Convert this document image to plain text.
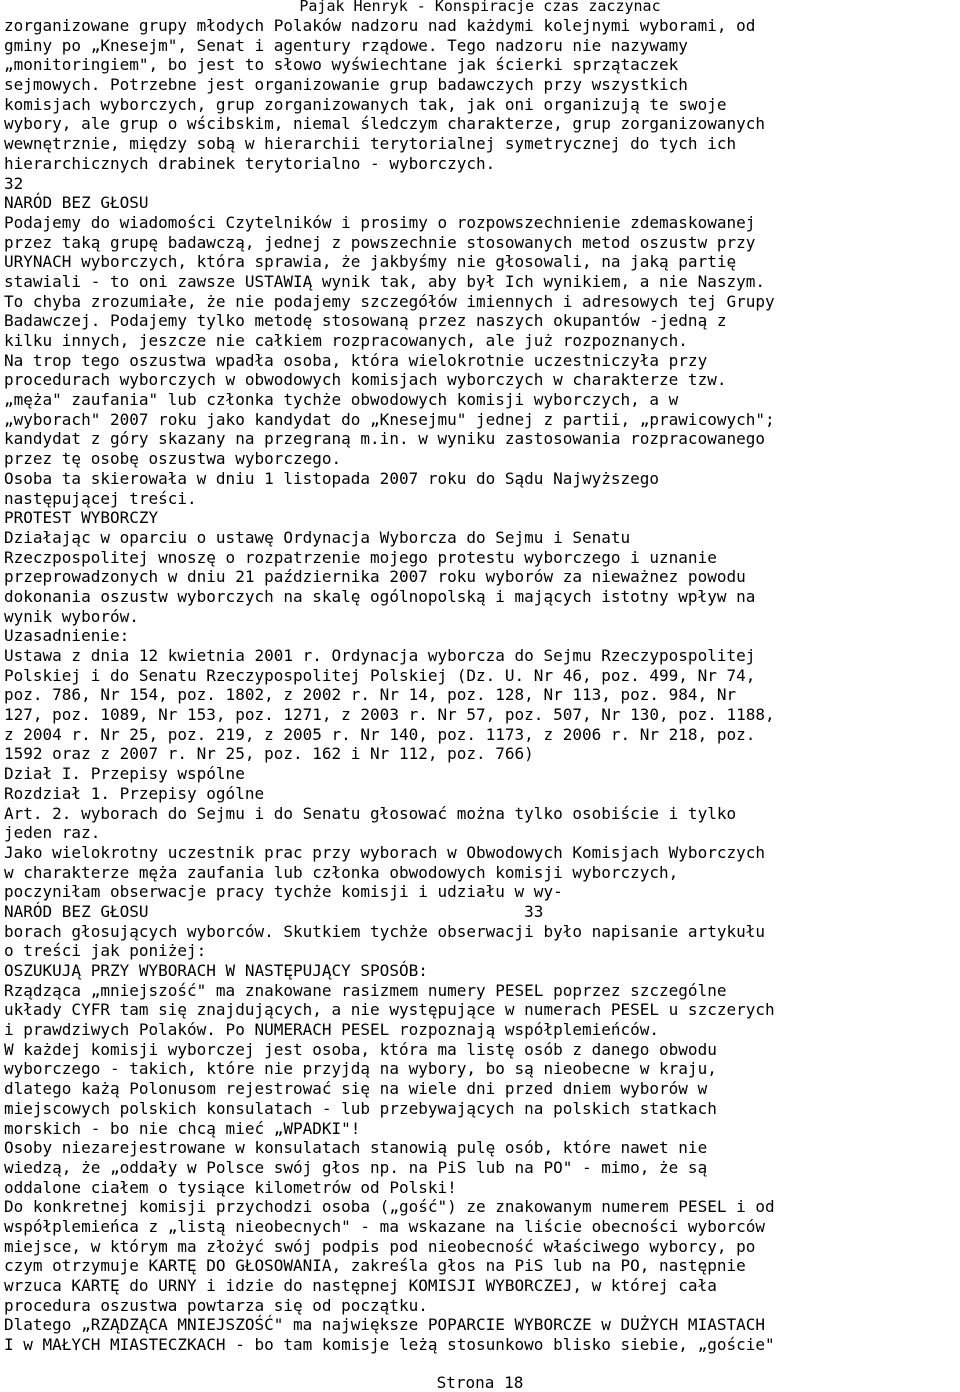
Pajak Henryk - Konspiracje czas zaczynac
zorganizowane grupy młodych Polaków nadzoru nad każdymi kolejnymi wyborami, od
gminy po „Knesejm", Senat i agentury rządowe. Tego nadzoru nie nazywamy
„monitoringiem", bo jest to słowo wyświechtane jak ścierki sprzątaczek
sejmowych. Potrzebne jest organizowanie grup badawczych przy wszystkich
komisjach wyborczych, grup zorganizowanych tak, jak oni organizują te swoje
wybory, ale grup o wścibskim, niemal śledczym charakterze, grup zorganizowanych
wewnętrznie, między sobą w hierarchii terytorialnej symetrycznej do tych ich
hierarchicznych drabinek terytorialno - wyborczych.
32
NARÓD BEZ GŁOSU
Podajemy do wiadomości Czytelników i prosimy o rozpowszechnienie zdemaskowanej
przez taką grupę badawczą, jednej z powszechnie stosowanych metod oszustw przy
URYNACH wyborczych, która sprawia, że jakbyśmy nie głosowali, na jaką partię
stawiali - to oni zawsze USTAWIĄ wynik tak, aby był Ich wynikiem, a nie Naszym.
To chyba zrozumiałe, że nie podajemy szczegółów imiennych i adresowych tej Grupy
Badawczej. Podajemy tylko metodę stosowaną przez naszych okupantów -jedną z
kilku innych, jeszcze nie całkiem rozpracowanych, ale już rozpoznanych.
Na trop tego oszustwa wpadła osoba, która wielokrotnie uczestniczyła przy
procedurach wyborczych w obwodowych komisjach wyborczych w charakterze tzw.
„męża" zaufania" lub członka tychże obwodowych komisji wyborczych, a w
„wyborach" 2007 roku jako kandydat do „Knesejmu" jednej z partii, „prawicowych";
kandydat z góry skazany na przegraną m.in. w wyniku zastosowania rozpracowanego
przez tę osobę oszustwa wyborczego.
Osoba ta skierowała w dniu 1 listopada 2007 roku do Sądu Najwyższego
następującej treści.
PROTEST WYBORCZY
Działając w oparciu o ustawę Ordynacja Wyborcza do Sejmu i Senatu
Rzeczpospolitej wnoszę o rozpatrzenie mojego protestu wyborczego i uznanie
przeprowadzonych w dniu 21 października 2007 roku wyborów za nieważnez powodu
dokonania oszustw wyborczych na skalę ogólnopolską i mających istotny wpływ na
wynik wyborów.
Uzasadnienie:
Ustawa z dnia 12 kwietnia 2001 r. Ordynacja wyborcza do Sejmu Rzeczypospolitej
Polskiej i do Senatu Rzeczypospolitej Polskiej (Dz. U. Nr 46, poz. 499, Nr 74,
poz. 786, Nr 154, poz. 1802, z 2002 r. Nr 14, poz. 128, Nr 113, poz. 984, Nr
127, poz. 1089, Nr 153, poz. 1271, z 2003 r. Nr 57, poz. 507, Nr 130, poz. 1188,
z 2004 r. Nr 25, poz. 219, z 2005 r. Nr 140, poz. 1173, z 2006 r. Nr 218, poz.
1592 oraz z 2007 r. Nr 25, poz. 162 i Nr 112, poz. 766)
Dział I. Przepisy wspólne
Rozdział 1. Przepisy ogólne
Art. 2. wyborach do Sejmu i do Senatu głosować można tylko osobiście i tylko
jeden raz.
Jako wielokrotny uczestnik prac przy wyborach w Obwodowych Komisjach Wyborczych
w charakterze męża zaufania lub członka obwodowych komisji wyborczych,
poczyniłam obserwacje pracy tychże komisji i udziału w wy-
NARÓD BEZ GŁOSU                                       33
borach głosujących wyborców. Skutkiem tychże obserwacji było napisanie artykułu
o treści jak poniżej:
OSZUKUJĄ PRZY WYBORACH W NASTĘPUJĄCY SPOSÓB:
Rządząca „mniejszość" ma znakowane rasizmem numery PESEL poprzez szczególne
układy CYFR tam się znajdujących, a nie występujące w numerach PESEL u szczerych
i prawdziwych Polaków. Po NUMERACH PESEL rozpoznają współplemieńców.
W każdej komisji wyborczej jest osoba, która ma listę osób z danego obwodu
wyborczego - takich, które nie przyjdą na wybory, bo są nieobecne w kraju,
dlatego każą Polonusom rejestrować się na wiele dni przed dniem wyborów w
miejscowych polskich konsulatach - lub przebywających na polskich statkach
morskich - bo nie chcą mieć „WPADKI"!
Osoby niezarejestrowane w konsulatach stanowią pulę osób, które nawet nie
wiedzą, że „oddały w Polsce swój głos np. na PiS lub na PO" - mimo, że są
oddalone ciałem o tysiące kilometrów od Polski!
Do konkretnej komisji przychodzi osoba („gość") ze znakowanym numerem PESEL i od
współplemieńca z „listą nieobecnych" - ma wskazane na liście obecności wyborców
miejsce, w którym ma złożyć swój podpis pod nieobecność właściwego wyborcy, po
czym otrzymuje KARTĘ DO GŁOSOWANIA, zakreśla głos na PiS lub na PO, następnie
wrzuca KARTĘ do URNY i idzie do następnej KOMISJI WYBORCZEJ, w której cała
procedura oszustwa powtarza się od początku.
Dlatego „RZĄDZĄCA MNIEJSZOŚĆ" ma największe POPARCIE WYBORCZE w DUŻYCH MIASTACH
I w MAŁYCH MIASTECZKACH - bo tam komisje leżą stosunkowo blisko siebie, „goście"
Strona 18
